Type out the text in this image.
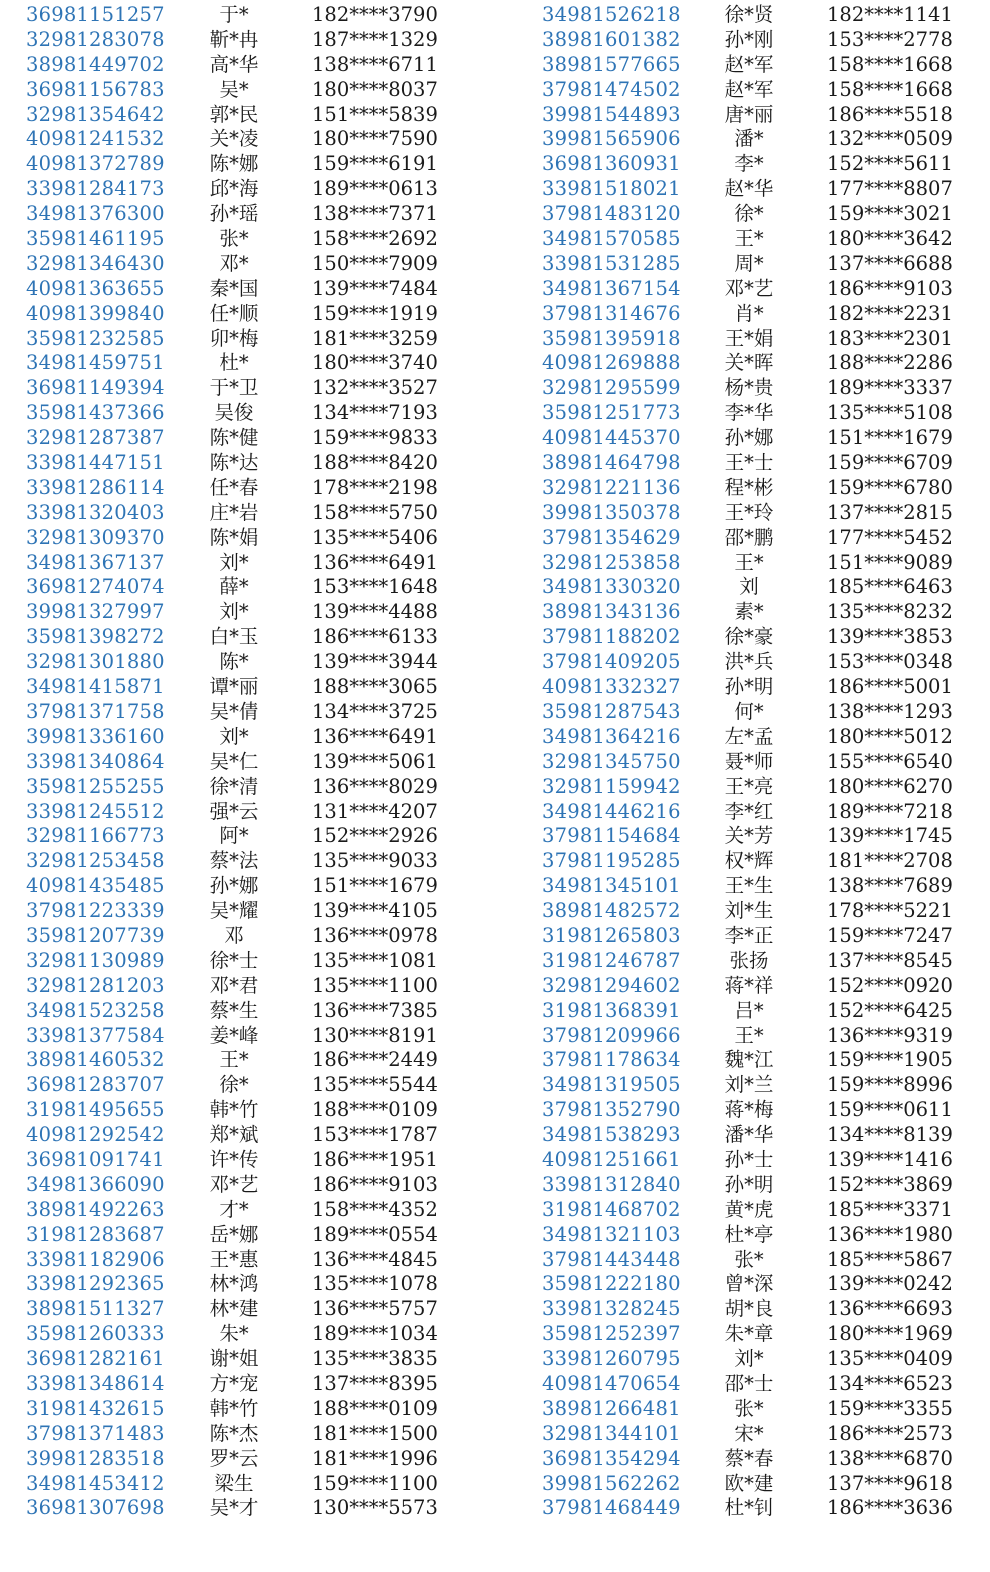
36981151257	于*	182****3790
32981283078	靳*冉	187****1329
38981449702	高*华	138****6711
36981156783	吴*	180****8037
32981354642	郭*民	151****5839
40981241532	关*凌	180****7590
40981372789	陈*娜	159****6191
33981284173	邱*海	189****0613
34981376300	孙*瑶	138****7371
35981461195	张*	158****2692
32981346430	邓*	150****7909
40981363655	秦*国	139****7484
40981399840	任*顺	159****1919
35981232585	卯*梅	181****3259
34981459751	杜*	180****3740
36981149394	于*卫	132****3527
35981437366	吴俊	134****7193
32981287387	陈*健	159****9833
33981447151	陈*达	188****8420
33981286114	任*春	178****2198
33981320403	庄*岩	158****5750
32981309370	陈*娟	135****5406
34981367137	刘*	136****6491
36981274074	薛*	153****1648
39981327997	刘*	139****4488
35981398272	白*玉	186****6133
32981301880	陈*	139****3944
34981415871	谭*丽	188****3065
37981371758	吴*倩	134****3725
39981336160	刘*	136****6491
33981340864	吴*仁	139****5061
35981255255	徐*清	136****8029
33981245512	强*云	131****4207
32981166773	阿*	152****2926
32981253458	蔡*法	135****9033
40981435485	孙*娜	151****1679
37981223339	吴*耀	139****4105
35981207739	邓	136****0978
32981130989	徐*士	135****1081
32981281203	邓*君	135****1100
34981523258	蔡*生	136****7385
33981377584	姜*峰	130****8191
38981460532	王*	186****2449
36981283707	徐*	135****5544
31981495655	韩*竹	188****0109
40981292542	郑*斌	153****1787
36981091741	许*传	186****1951
34981366090	邓*艺	186****9103
38981492263	才*	158****4352
31981283687	岳*娜	189****0554
33981182906	王*惠	136****4845
33981292365	林*鸿	135****1078
38981511327	林*建	136****5757
35981260333	朱*	189****1034
36981282161	谢*姐	135****3835
33981348614	方*宠	137****8395
31981432615	韩*竹	188****0109
37981371483	陈*杰	181****1500
39981283518	罗*云	181****1996
34981453412	梁生	159****1100
36981307698	吴*才	130****5573
34981526218	徐*贤	182****1141
38981601382	孙*刚	153****2778
38981577665	赵*军	158****1668
37981474502	赵*军	158****1668
39981544893	唐*丽	186****5518
39981565906	潘*	132****0509
36981360931	李*	152****5611
33981518021	赵*华	177****8807
37981483120	徐*	159****3021
34981570585	王*	180****3642
33981531285	周*	137****6688
34981367154	邓*艺	186****9103
37981314676	肖*	182****2231
35981395918	王*娟	183****2301
40981269888	关*晖	188****2286
32981295599	杨*贵	189****3337
35981251773	李*华	135****5108
40981445370	孙*娜	151****1679
38981464798	王*士	159****6709
32981221136	程*彬	159****6780
39981350378	王*玲	137****2815
37981354629	邵*鹏	177****5452
32981253858	王*	151****9089
34981330320	刘	185****6463
38981343136	素*	135****8232
37981188202	徐*豪	139****3853
37981409205	洪*兵	153****0348
40981332327	孙*明	186****5001
35981287543	何*	138****1293
34981364216	左*孟	180****5012
32981345750	聂*师	155****6540
32981159942	王*亮	180****6270
34981446216	李*红	189****7218
37981154684	关*芳	139****1745
37981195285	权*辉	181****2708
34981345101	王*生	138****7689
38981482572	刘*生	178****5221
31981265803	李*正	159****7247
31981246787	张扬	137****8545
32981294602	蒋*祥	152****0920
31981368391	吕*	152****6425
37981209966	王*	136****9319
37981178634	魏*江	159****1905
34981319505	刘*兰	159****8996
37981352790	蒋*梅	159****0611
34981538293	潘*华	134****8139
40981251661	孙*士	139****1416
33981312840	孙*明	152****3869
31981468702	黄*虎	185****3371
34981321103	杜*亭	136****1980
37981443448	张*	185****5867
35981222180	曾*深	139****0242
33981328245	胡*良	136****6693
35981252397	朱*章	180****1969
33981260795	刘*	135****0409
40981470654	邵*士	134****6523
38981266481	张*	159****3355
32981344101	宋*	186****2573
36981354294	蔡*春	138****6870
39981562262	欧*建	137****9618
37981468449	杜*钊	186****3636
